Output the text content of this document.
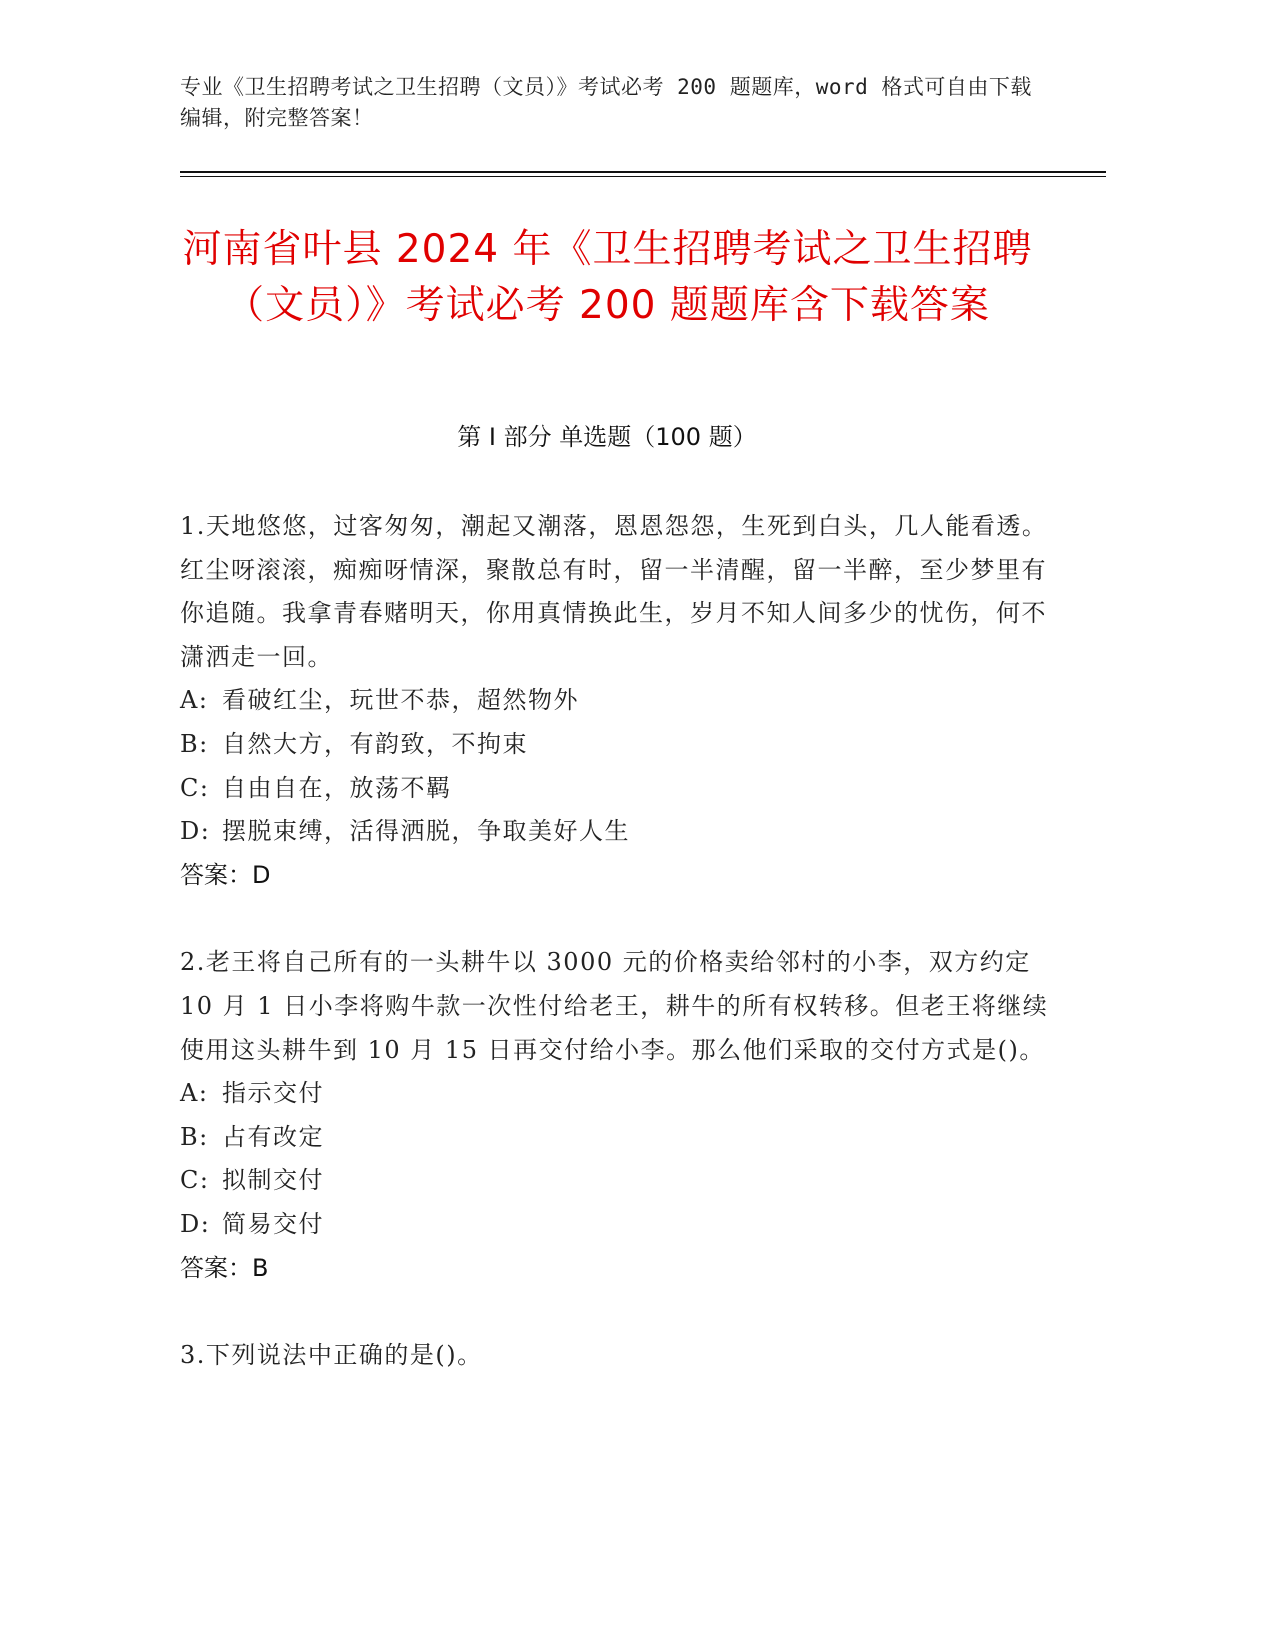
专业《卫生招聘考试之卫生招聘（文员）》考试必考 200 题题库，word 格式可自由下载编辑，附完整答案！
河南省叶县 2024 年《卫生招聘考试之卫生招聘（文员）》考试必考 200 题题库含下载答案
第 I 部分 单选题（100 题）
1.天地悠悠，过客匆匆，潮起又潮落，恩恩怨怨，生死到白头，几人能看透。红尘呀滚滚，痴痴呀情深，聚散总有时，留一半清醒，留一半醉，至少梦里有你追随。我拿青春赌明天，你用真情换此生，岁月不知人间多少的忧伤，何不潇洒走一回。
A: 看破红尘，玩世不恭，超然物外
B: 自然大方，有韵致，不拘束
C: 自由自在，放荡不羁
D: 摆脱束缚，活得洒脱，争取美好人生
答案：D
2.老王将自己所有的一头耕牛以 3000 元的价格卖给邻村的小李，双方约定 10 月 1 日小李将购牛款一次性付给老王，耕牛的所有权转移。但老王将继续使用这头耕牛到 10 月 15 日再交付给小李。那么他们采取的交付方式是()。
A: 指示交付
B: 占有改定
C: 拟制交付
D: 简易交付
答案：B
3.下列说法中正确的是()。
